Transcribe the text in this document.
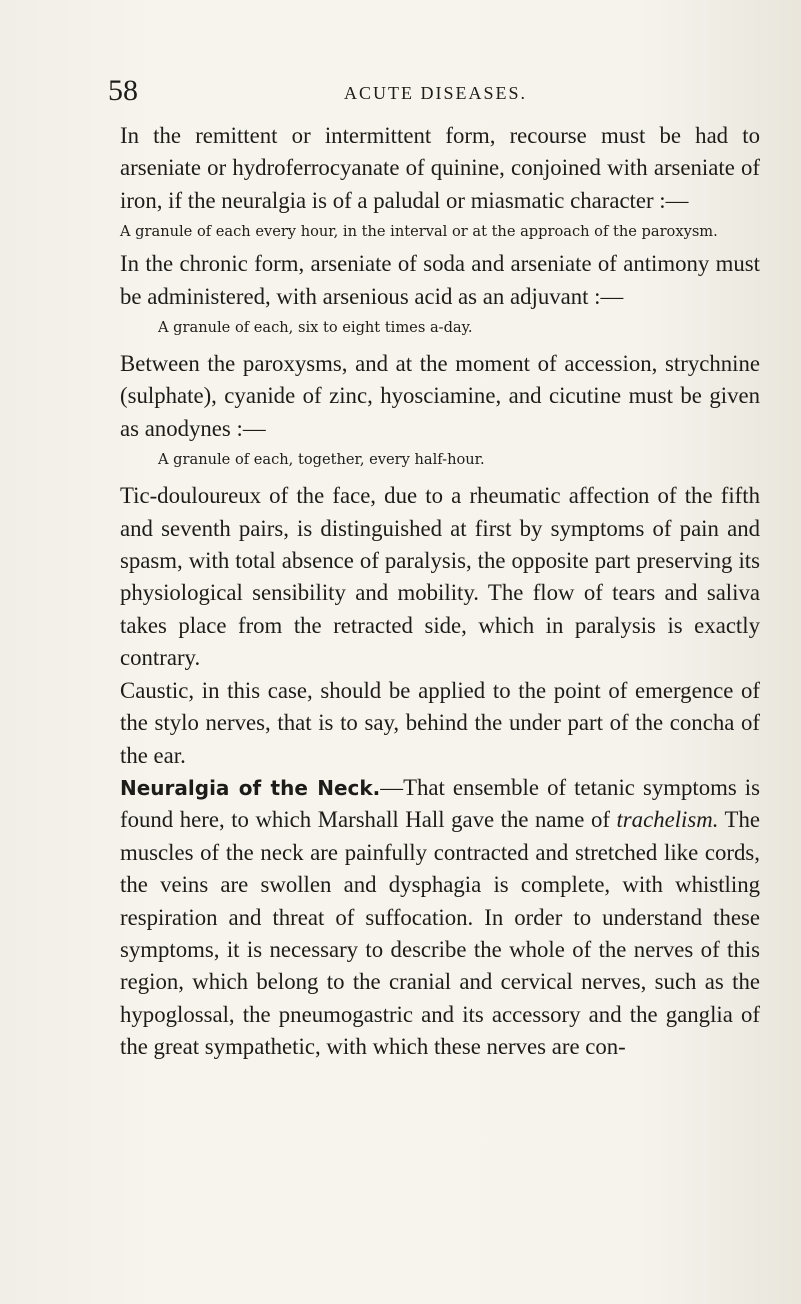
58	ACUTE DISEASES.

In the remittent or intermittent form, recourse must be had to arseniate or hydroferrocyanate of quinine, conjoined with arseniate of iron, if the neuralgia is of a paludal or miasmatic character :—

A granule of each every hour, in the interval or at the approach of the paroxysm.

In the chronic form, arseniate of soda and arseniate of antimony must be administered, with arsenious acid as an adjuvant :—

A granule of each, six to eight times a-day.

Between the paroxysms, and at the moment of accession, strychnine (sulphate), cyanide of zinc, hyosciamine, and cicutine must be given as anodynes :—

A granule of each, together, every half-hour.

Tic-douloureux of the face, due to a rheumatic affection of the fifth and seventh pairs, is distinguished at first by symptoms of pain and spasm, with total absence of paralysis, the opposite part preserving its physiological sensibility and mobility. The flow of tears and saliva takes place from the retracted side, which in paralysis is exactly contrary.

Caustic, in this case, should be applied to the point of emergence of the stylo nerves, that is to say, behind the under part of the concha of the ear.

Neuralgia of the Neck.—That ensemble of tetanic symptoms is found here, to which Marshall Hall gave the name of trachelism. The muscles of the neck are painfully contracted and stretched like cords, the veins are swollen and dysphagia is complete, with whistling respiration and threat of suffocation. In order to understand these symptoms, it is necessary to describe the whole of the nerves of this region, which belong to the cranial and cervical nerves, such as the hypoglossal, the pneumogastric and its accessory and the ganglia of the great sympathetic, with which these nerves are con-
